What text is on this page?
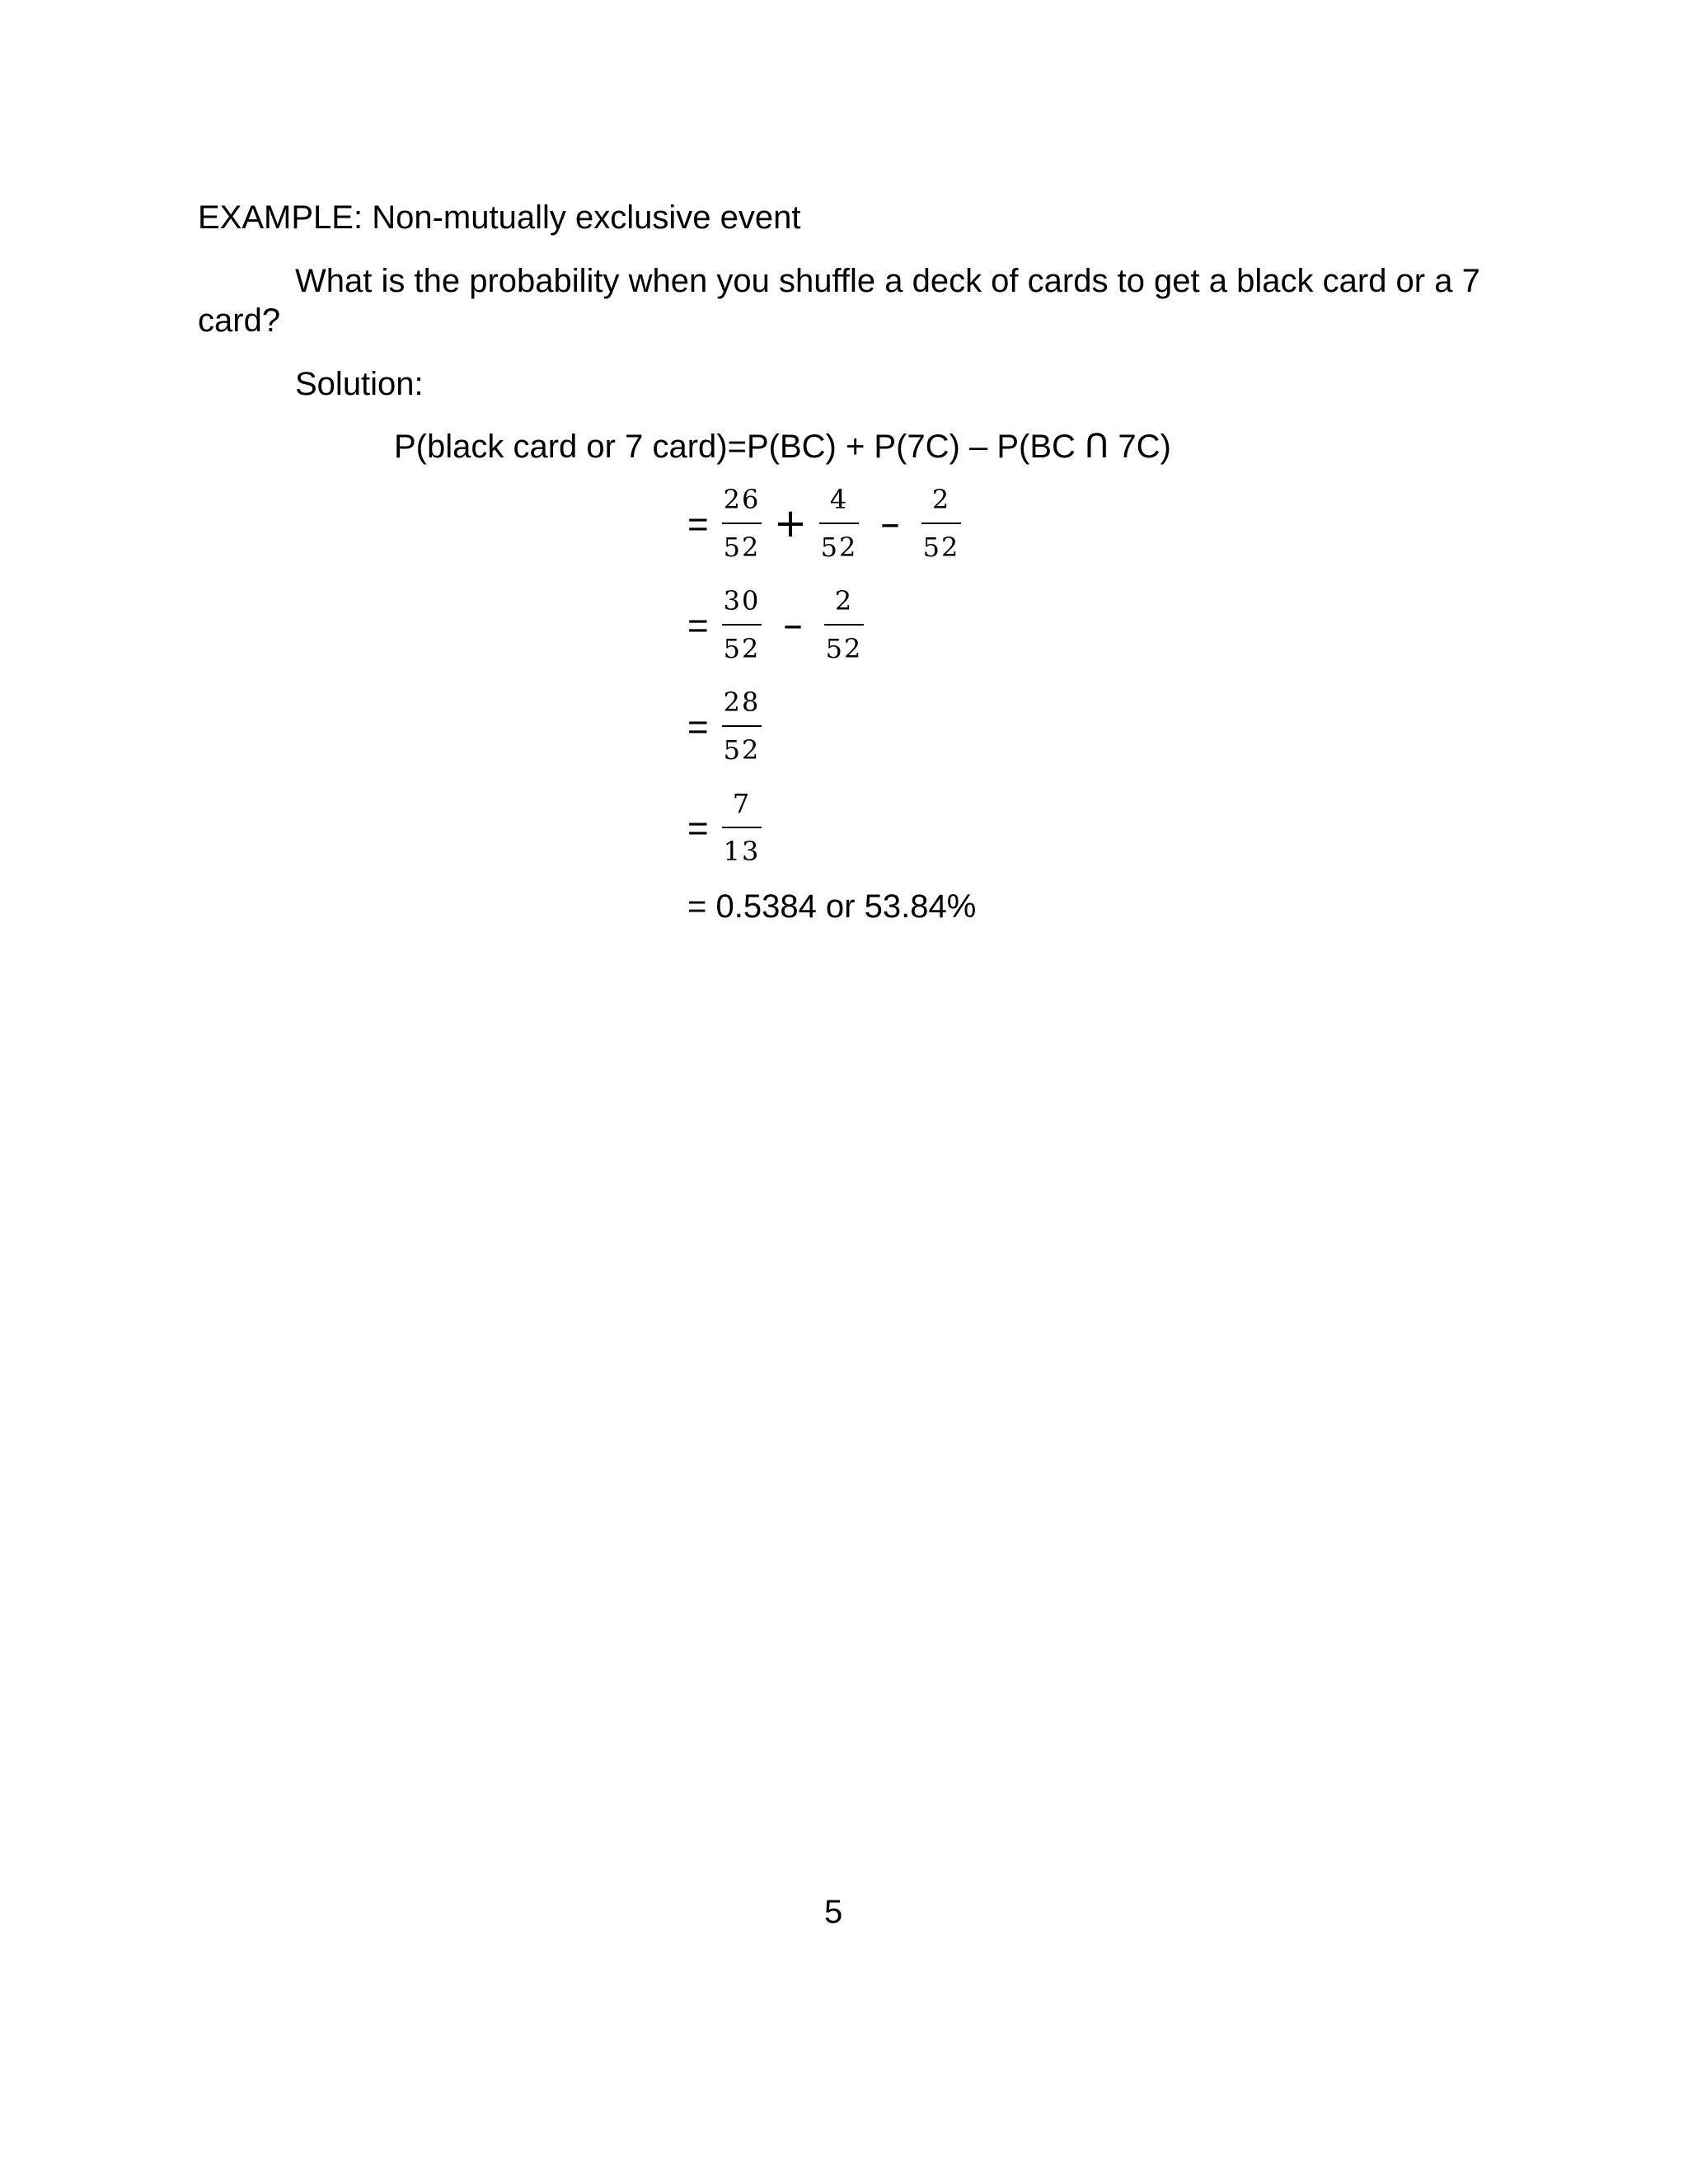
EXAMPLE: Non-mutually exclusive event
What is the probability when you shuffle a deck of cards to get a black card or a 7
card?
Solution:
P(black card or 7 card)=P(BC) + P(7C) – P(BC Ո 7C)
= $\frac{26}{52} + \frac{4}{52} - \frac{2}{52}$
= $\frac{30}{52} - \frac{2}{52}$
= $\frac{28}{52}$
= $\frac{7}{13}$
= 0.5384 or 53.84%
5
